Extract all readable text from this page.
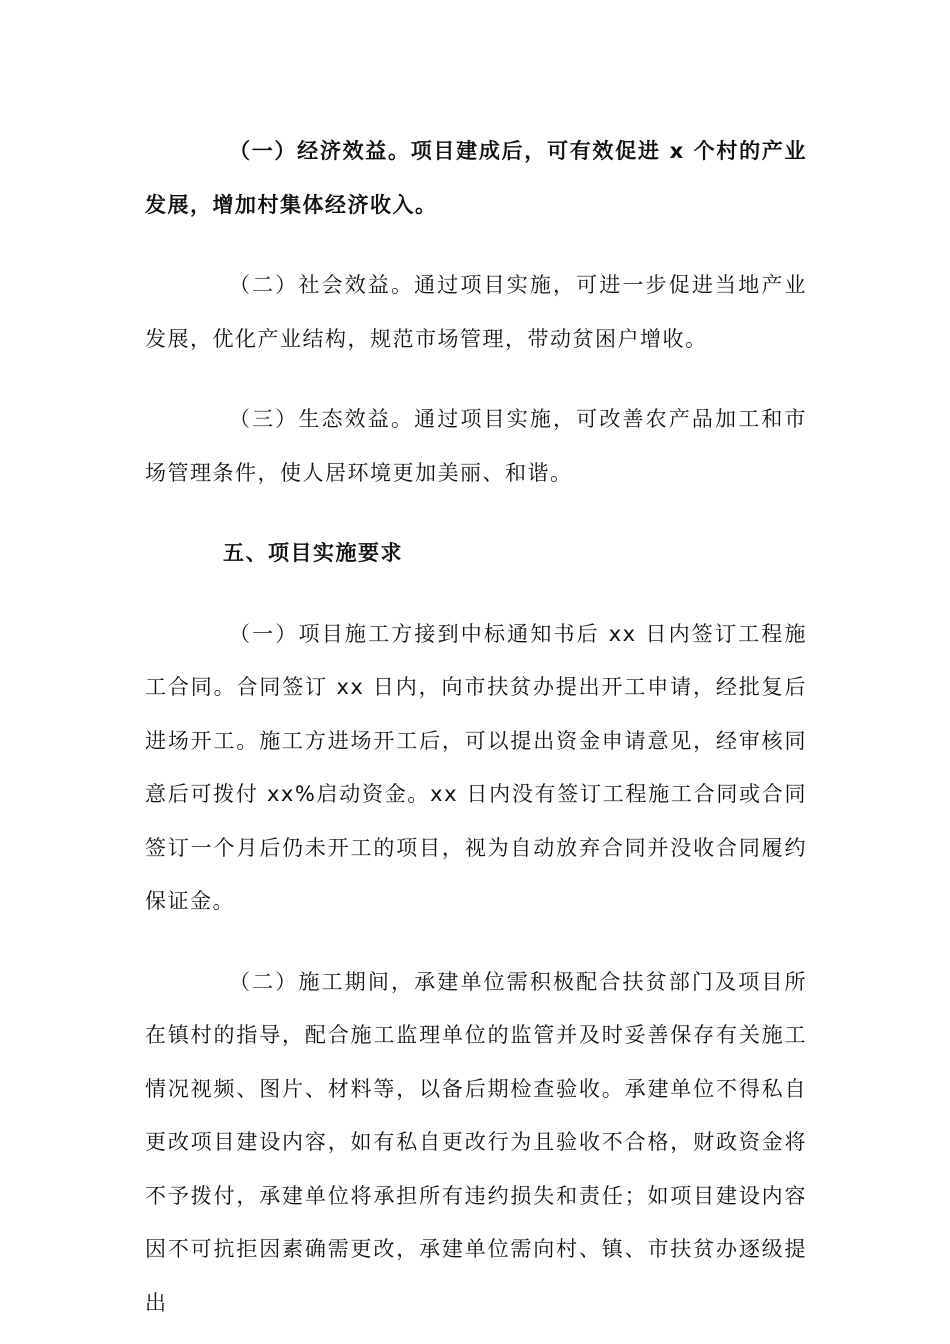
（一）经济效益。项目建成后，可有效促进 x 个村的产业发展，增加村集体经济收入。

（二）社会效益。通过项目实施，可进一步促进当地产业发展，优化产业结构，规范市场管理，带动贫困户增收。

（三）生态效益。通过项目实施，可改善农产品加工和市场管理条件，使人居环境更加美丽、和谐。

五、项目实施要求

（一）项目施工方接到中标通知书后 xx 日内签订工程施工合同。合同签订 xx 日内，向市扶贫办提出开工申请，经批复后进场开工。施工方进场开工后，可以提出资金申请意见，经审核同意后可拨付 xx%启动资金。xx 日内没有签订工程施工合同或合同签订一个月后仍未开工的项目，视为自动放弃合同并没收合同履约保证金。

（二）施工期间，承建单位需积极配合扶贫部门及项目所在镇村的指导，配合施工监理单位的监管并及时妥善保存有关施工情况视频、图片、材料等，以备后期检查验收。承建单位不得私自更改项目建设内容，如有私自更改行为且验收不合格，财政资金将不予拨付，承建单位将承担所有违约损失和责任；如项目建设内容因不可抗拒因素确需更改，承建单位需向村、镇、市扶贫办逐级提出
